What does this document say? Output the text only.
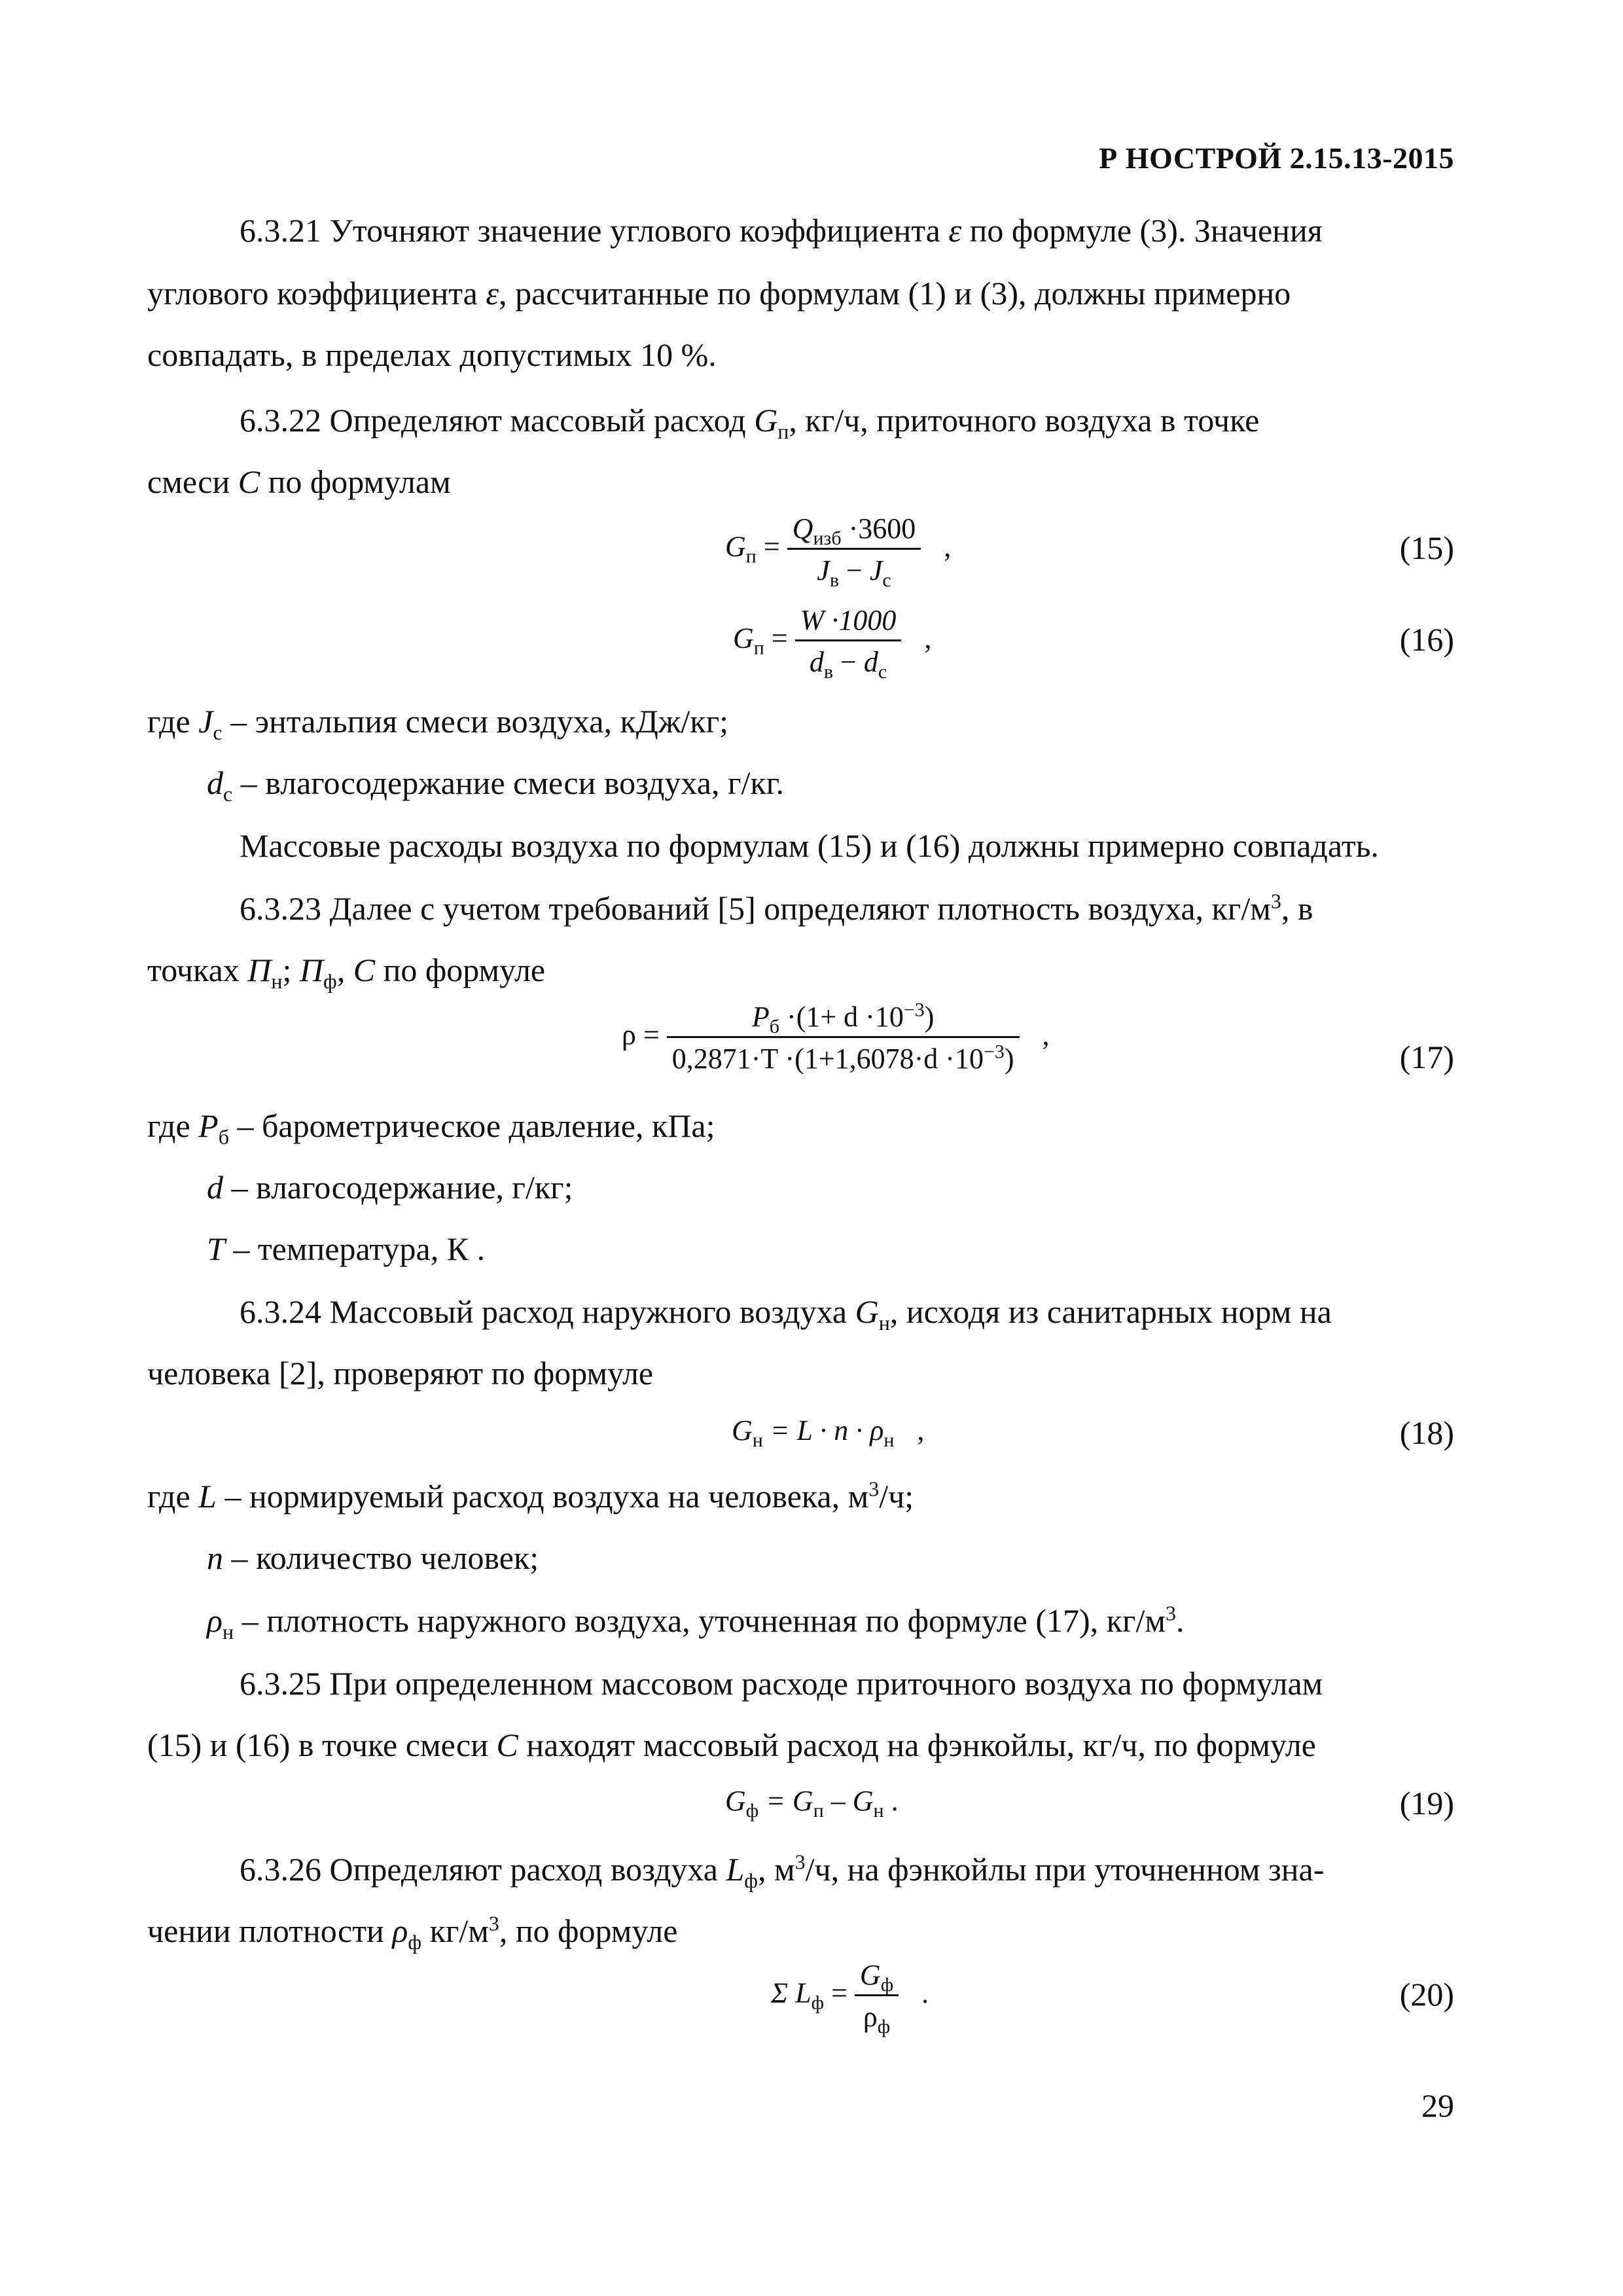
Р НОСТРОЙ 2.15.13-2015
6.3.21 Уточняют значение углового коэффициента ε по формуле (3). Значения
углового коэффициента ε, рассчитанные по формулам (1) и (3), должны примерно
совпадать, в пределах допустимых 10 %.
6.3.22 Определяют массовый расход $G_п$, кг/ч, приточного воздуха в точке
смеси C по формулам
$G_п = \frac{Q_{изб} \cdot 3600}{J_в - J_с}$ ,	(15)
$G_п = \frac{W \cdot 1000}{d_в - d_с}$ ,	(16)
где $J_с$ – энтальпия смеси воздуха, кДж/кг;
$d_с$ – влагосодержание смеси воздуха, г/кг.
Массовые расходы воздуха по формулам (15) и (16) должны примерно совпадать.
6.3.23 Далее с учетом требований [5] определяют плотность воздуха, $кг/м^3$, в
точках $П_н$; $П_ф$, C по формуле
$\rho = \frac{P_б \cdot(1+ d \cdot 10^{-3})}{0,2871\cdot T \cdot(1+1,6078\cdot d \cdot 10^{-3})}$ ,
(17)
где $P_б$ – барометрическое давление, кПа;
d – влагосодержание, г/кг;
T – температура, К .
6.3.24 Массовый расход наружного воздуха $G_н$, исходя из санитарных норм на
человека [2], проверяют по формуле
$G_н = L \cdot n \cdot \rho_н$ ,	(18)
где L – нормируемый расход воздуха на человека, $м^3/ч$;
n – количество человек;
$\rho_н$ – плотность наружного воздуха, уточненная по формуле (17), $кг/м^3$.
6.3.25 При определенном массовом расходе приточного воздуха по формулам
(15) и (16) в точке смеси C находят массовый расход на фэнкойлы, кг/ч, по формуле
$G_ф = G_п - G_н$ .	(19)
6.3.26 Определяют расход воздуха $L_ф$, $м^3/ч$, на фэнкойлы при уточненном зна-
чении плотности $\rho_ф$ $кг/м^3$, по формуле
Σ $L_ф = \frac{G_ф}{\rho_ф}$ .	(20)
29
